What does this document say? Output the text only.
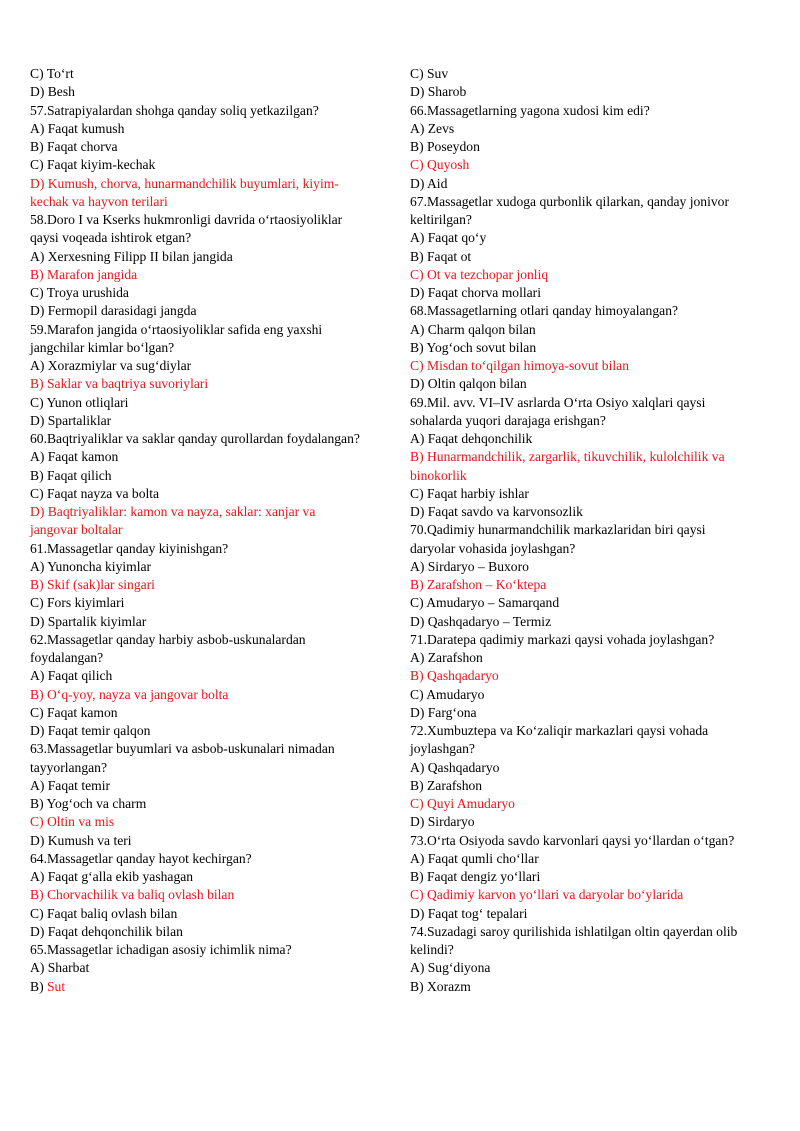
C) To‘rt
D) Besh
57.Satrapiyalardan shohga qanday soliq yetkazilgan?
A) Faqat kumush
B) Faqat chorva
C) Faqat kiyim-kechak
D) Kumush, chorva, hunarmandchilik buyumlari, kiyim-
kechak va hayvon terilari
58.Doro I va Kserks hukmronligi davrida o‘rtaosiyoliklar
qaysi voqeada ishtirok etgan?
A) Xerxesning Filipp II bilan jangida
B) Marafon jangida
C) Troya urushida
D) Fermopil darasidagi jangda
59.Marafon jangida o‘rtaosiyoliklar safida eng yaxshi
jangchilar kimlar bo‘lgan?
A) Xorazmiylar va sug‘diylar
B) Saklar va baqtriya suvoriylari
C) Yunon otliqlari
D) Spartaliklar
60.Baqtriyaliklar va saklar qanday qurollardan foydalangan?
A) Faqat kamon
B) Faqat qilich
C) Faqat nayza va bolta
D) Baqtriyaliklar: kamon va nayza, saklar: xanjar va
jangovar boltalar
61.Massagetlar qanday kiyinishgan?
A) Yunoncha kiyimlar
B) Skif (sak)lar singari
C) Fors kiyimlari
D) Spartalik kiyimlar
62.Massagetlar qanday harbiy asbob-uskunalardan
foydalangan?
A) Faqat qilich
B) O‘q-yoy, nayza va jangovar bolta
C) Faqat kamon
D) Faqat temir qalqon
63.Massagetlar buyumlari va asbob-uskunalari nimadan
tayyorlangan?
A) Faqat temir
B) Yog‘och va charm
C) Oltin va mis
D) Kumush va teri
64.Massagetlar qanday hayot kechirgan?
A) Faqat g‘alla ekib yashagan
B) Chorvachilik va baliq ovlash bilan
C) Faqat baliq ovlash bilan
D) Faqat dehqonchilik bilan
65.Massagetlar ichadigan asosiy ichimlik nima?
A) Sharbat
B) Sut
C) Suv
D) Sharob
66.Massagetlarning yagona xudosi kim edi?
A) Zevs
B) Poseydon
C) Quyosh
D) Aid
67.Massagetlar xudoga qurbonlik qilarkan, qanday jonivor
keltirilgan?
A) Faqat qo‘y
B) Faqat ot
C) Ot va tezchopar jonliq
D) Faqat chorva mollari
68.Massagetlarning otlari qanday himoyalangan?
A) Charm qalqon bilan
B) Yog‘och sovut bilan
C) Misdan to‘qilgan himoya-sovut bilan
D) Oltin qalqon bilan
69.Mil. avv. VI–IV asrlarda O‘rta Osiyo xalqlari qaysi
sohalarda yuqori darajaga erishgan?
A) Faqat dehqonchilik
B) Hunarmandchilik, zargarlik, tikuvchilik, kulolchilik va
binokorlik
C) Faqat harbiy ishlar
D) Faqat savdo va karvonsozlik
70.Qadimiy hunarmandchilik markazlaridan biri qaysi
daryolar vohasida joylashgan?
A) Sirdaryo – Buxoro
B) Zarafshon – Ko‘ktepa
C) Amudaryo – Samarqand
D) Qashqadaryo – Termiz
71.Daratepa qadimiy markazi qaysi vohada joylashgan?
A) Zarafshon
B) Qashqadaryo
C) Amudaryo
D) Farg‘ona
72.Xumbuztepa va Ko‘zaliqir markazlari qaysi vohada
joylashgan?
A) Qashqadaryo
B) Zarafshon
C) Quyi Amudaryo
D) Sirdaryo
73.O‘rta Osiyoda savdo karvonlari qaysi yo‘llardan o‘tgan?
A) Faqat qumli cho‘llar
B) Faqat dengiz yo‘llari
C) Qadimiy karvon yo‘llari va daryolar bo‘ylarida
D) Faqat tog‘ tepalari
74.Suzadagi saroy qurilishida ishlatilgan oltin qayerdan olib
kelindi?
A) Sug‘diyona
B) Xorazm
